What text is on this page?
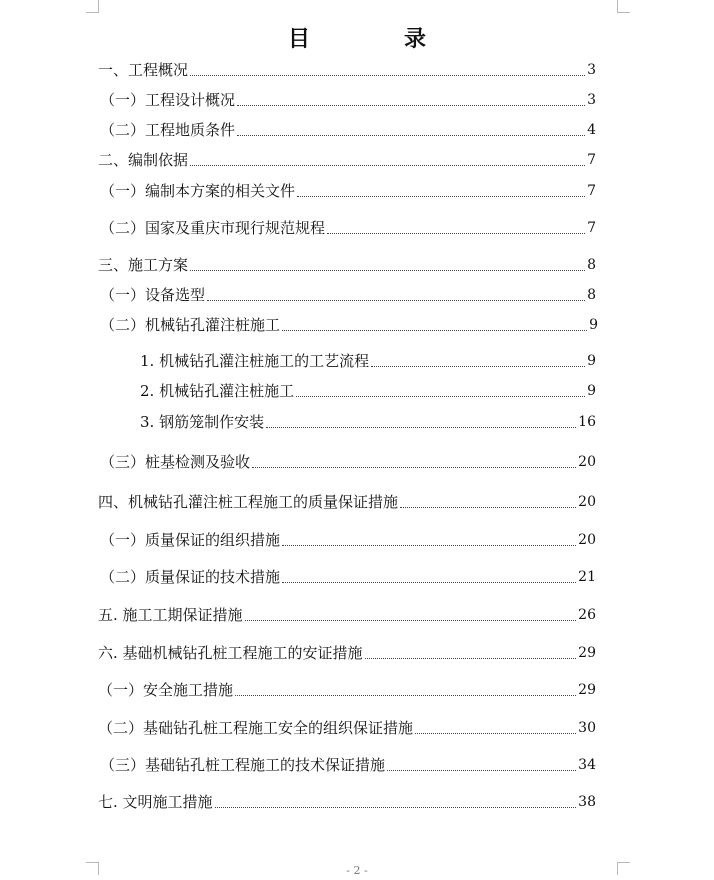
目　录
一、工程概况	3
（一）工程设计概况	3
（二）工程地质条件	4
二、编制依据	7
（一）编制本方案的相关文件	7
（二）国家及重庆市现行规范规程	7
三、施工方案	8
（一）设备选型	8
（二）机械钻孔灌注桩施工	9
1. 机械钻孔灌注桩施工的工艺流程	9
2. 机械钻孔灌注桩施工	9
3. 钢筋笼制作安装	16
（三）桩基检测及验收	20
四、机械钻孔灌注桩工程施工的质量保证措施	20
（一）质量保证的组织措施	20
（二）质量保证的技术措施	21
五. 施工工期保证措施	26
六. 基础机械钻孔桩工程施工的安证措施	29
（一）安全施工措施	29
（二）基础钻孔桩工程施工安全的组织保证措施	30
（三）基础钻孔桩工程施工的技术保证措施	34
七. 文明施工措施	38
- 2 -
